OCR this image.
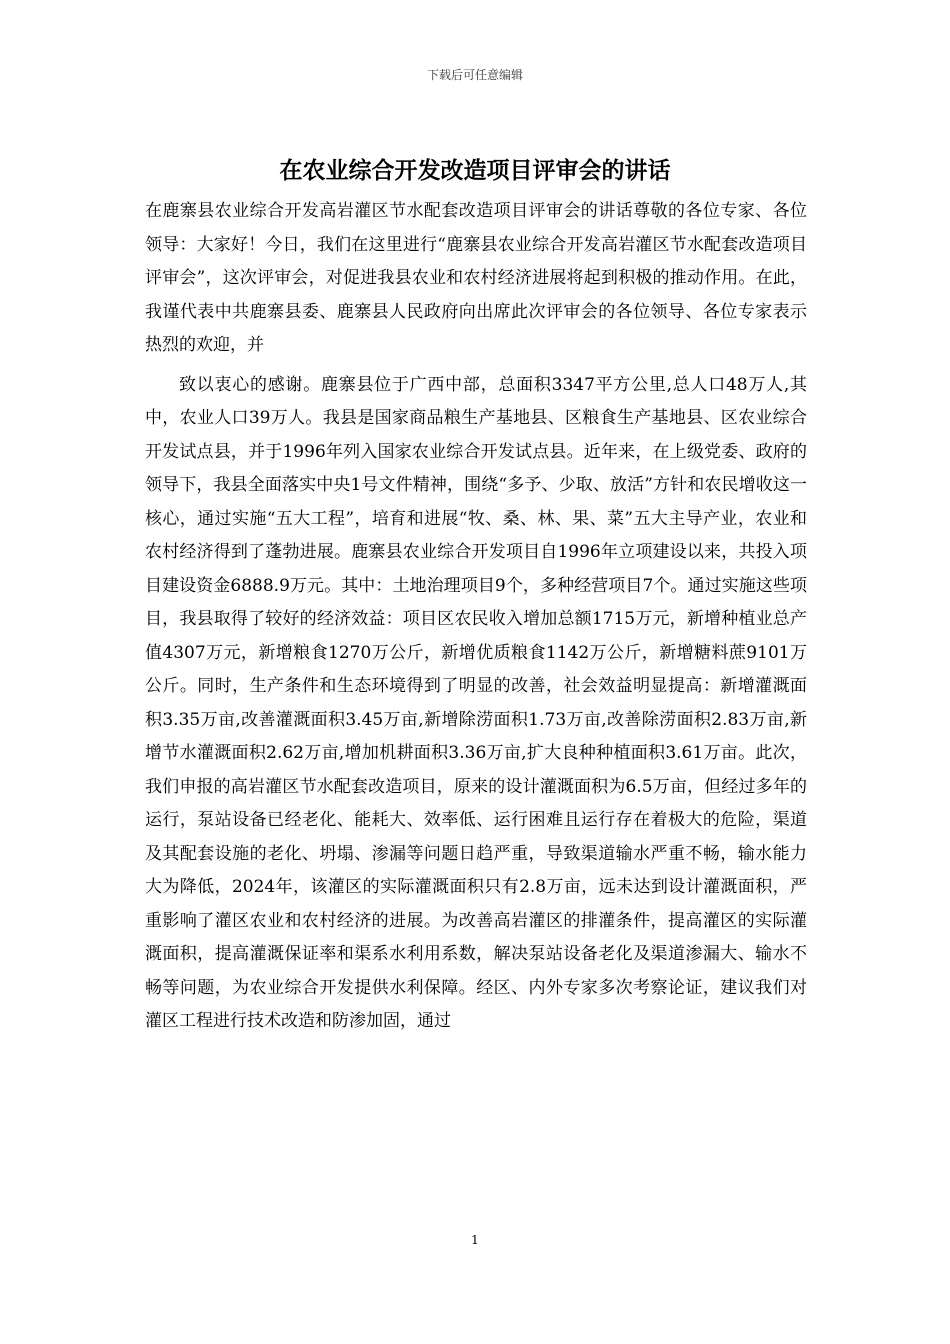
下载后可任意编辑
在农业综合开发改造项目评审会的讲话

在鹿寨县农业综合开发高岩灌区节水配套改造项目评审会的讲话尊敬的各位专家、各位领导：大家好！今日，我们在这里进行“鹿寨县农业综合开发高岩灌区节水配套改造项目评审会”，这次评审会，对促进我县农业和农村经济进展将起到积极的推动作用。在此，我谨代表中共鹿寨县委、鹿寨县人民政府向出席此次评审会的各位领导、各位专家表示热烈的欢迎，并

致以衷心的感谢。鹿寨县位于广西中部，总面积3347平方公里,总人口48万人,其中，农业人口39万人。我县是国家商品粮生产基地县、区粮食生产基地县、区农业综合开发试点县，并于1996年列入国家农业综合开发试点县。近年来，在上级党委、政府的领导下，我县全面落实中央1号文件精神，围绕“多予、少取、放活”方针和农民增收这一核心，通过实施“五大工程”，培育和进展“牧、桑、林、果、菜”五大主导产业，农业和农村经济得到了蓬勃进展。鹿寨县农业综合开发项目自1996年立项建设以来，共投入项目建设资金6888.9万元。其中：土地治理项目9个，多种经营项目7个。通过实施这些项目，我县取得了较好的经济效益：项目区农民收入增加总额1715万元，新增种植业总产值4307万元，新增粮食1270万公斤，新增优质粮食1142万公斤，新增糖料蔗9101万公斤。同时，生产条件和生态环境得到了明显的改善，社会效益明显提高：新增灌溉面积3.35万亩,改善灌溉面积3.45万亩,新增除涝面积1.73万亩,改善除涝面积2.83万亩,新增节水灌溉面积2.62万亩,增加机耕面积3.36万亩,扩大良种种植面积3.61万亩。此次，我们申报的高岩灌区节水配套改造项目，原来的设计灌溉面积为6.5万亩，但经过多年的运行，泵站设备已经老化、能耗大、效率低、运行困难且运行存在着极大的危险，渠道及其配套设施的老化、坍塌、渗漏等问题日趋严重，导致渠道输水严重不畅，输水能力大为降低，2024年，该灌区的实际灌溉面积只有2.8万亩，远未达到设计灌溉面积，严重影响了灌区农业和农村经济的进展。为改善高岩灌区的排灌条件，提高灌区的实际灌溉面积，提高灌溉保证率和渠系水利用系数，解决泵站设备老化及渠道渗漏大、输水不畅等问题，为农业综合开发提供水利保障。经区、内外专家多次考察论证，建议我们对灌区工程进行技术改造和防渗加固，通过

1
